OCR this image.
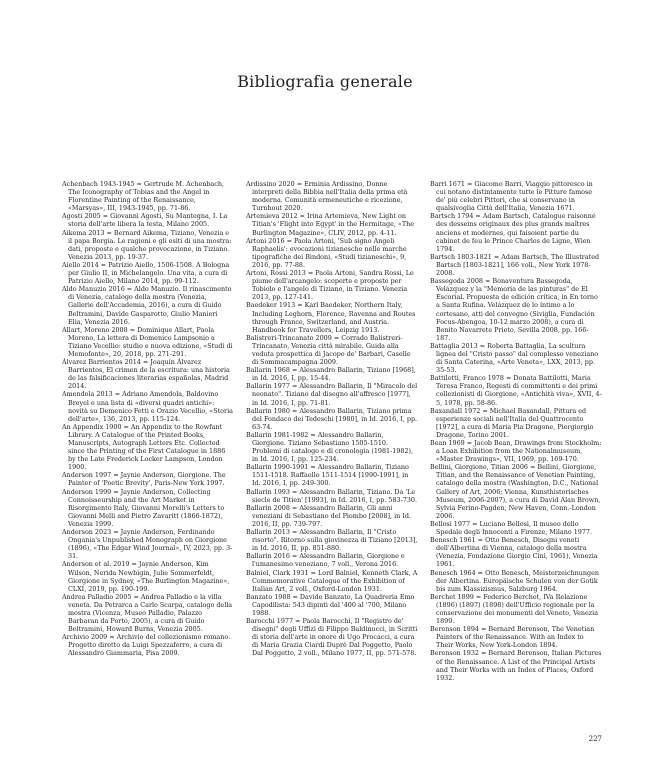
Bibliografia generale

Achenbach 1943-1945 = Gertrude M. Achenbach, The Iconography of Tobias and the Angel in Florentine Painting of the Renaissance, «Marsyas», III, 1943-1945, pp. 71-86.

Agosti 2005 = Giovanni Agosti, Su Mantegna, I. La storia dell'arte libera la testa, Milano 2005.

Aikema 2013 = Bernard Aikema, Tiziano, Venezia e il papa Borgia. Le ragioni e gli esiti di una mostra: dati, proposte e qualche provocazione, in Tiziano. Venezia 2013, pp. 19-37.

Aiello 2014 = Patrizio Aiello, 1506-1508. A Bologna per Giulio II, in Michelangelo. Una vita, a cura di Patrizio Aiello, Milano 2014, pp. 99-112.

Aldo Manuzio 2016 = Aldo Manuzio. Il rinascimento di Venezia, catalogo della mostra (Venezia, Gallerie dell'Accademia, 2016), a cura di Guido Beltramini, Davide Gasparotto, Giulio Manieri Elia, Venezia 2016.

Allart, Moreno 2008 = Dominique Allart, Paola Moreno, La lettera di Domenico Lampsonio a Tiziano Vecellio: studio e nuova edizione, «Studi di Memofonte», 20, 2018, pp. 271-291.

Álvarez Barrientos 2014 = Joaquín Álvarez Barrientos, El crimen de la escritura: una historia de las falsificaciones literarias españolas, Madrid 2014.

Amendola 2013 = Adriano Amendola, Baldovino Breyel e una lista di «diversi quadri antichi»: novità su Demenico Fetti e Orazio Vecellio, «Storia dell'arte», 136, 2013, pp. 115-124.

An Appendix 1900 = An Appendix to the Rowfant Library. A Catalogue of the Printed Books, Manuscripts, Autograph Letters Etc. Collected since the Printing of the First Catalogue in 1886 by the Late Frederick Locker Lampson, London 1900.

Anderson 1997 = Jaynie Anderson, Giorgione. The Painter of 'Poetic Brevity', Paris-New York 1997.

Anderson 1999 = Jaynie Anderson, Collecting Connoisseurship and the Art Market in Risorgimento Italy, Giovanni Morelli's Letters to Giovanni Melli and Pietro Zavaritt (1866-1872), Venezia 1999.

Anderson 2023 = Jaynie Anderson, Ferdinando Ongania's Unpublished Monograph on Giorgione (1896), «The Edgar Wind Journal», IV, 2023, pp. 3-31.

Anderson et al. 2019 = Jaynie Anderson, Kim Wilson, Nerida Newbigin, Julie Sommerfeldt, Giorgione in Sydney, «The Burlington Magazine», CLXI, 2019, pp. 190-199.

Andrea Palladio 2005 = Andrea Palladio e la villa veneta. Da Petrarca a Carlo Scarpa, catalogo della mostra (Vicenza, Museo Palladio, Palazzo Barbaran da Porto, 2005), a cura di Guido Beltramini, Howard Burns, Venezia 2005.

Archivio 2009 = Archivio del collezionismo romano. Progetto diretto da Luigi Spezzaferro, a cura di Alessandro Giammaria, Pisa 2009.

Ardissino 2020 = Erminia Ardissino, Donne interpreti della Bibbia nell'Italia della prima età moderna. Comunità ermeneutiche e ricezione, Turnhout 2020.

Artemieva 2012 = Irina Artemieva, New Light on Titian's 'Flight into Egypt' in the Hermitage, «The Burlington Magazine», CLIV, 2012, pp. 4-11.

Artoni 2016 = Paola Artoni, 'Sub signo Angeli Raphaelis': evocazioni tizianesche nelle marche tipografiche dei Bindoni, «Studi tizianeschi», 9, 2016, pp. 77-88.

Artoni, Rossi 2013 = Paola Artoni, Sandra Rossi, Le piume dell'arcangelo: scoperte e proposte per Tobiolo e l'angelo di Tiziano, in Tiziano. Venezia 2013, pp. 127-141.

Baedeker 1913 = Karl Baedeker, Northern Italy, Including Leghorn, Florence, Ravenna and Routes through France, Switzerland, and Austria. Handbook for Travellers, Leipzig 1913.

Balistreri-Trincanato 2009 = Corrado Balistreri-Trincanato, Venezia città mirabile. Guida alla veduta prospettica di Jacopo de' Barbari, Caselle di Sommacampagna 2009.

Ballarin 1968 = Alessandro Ballarin, Tiziano [1968], in Id. 2016, I, pp. 15-44.

Ballarin 1977 = Alessandro Ballarin, Il "Miracolo del neonato". Tiziano dal disegno all'affresco [1977], in Id. 2016, I, pp. 71-81.

Ballarin 1980 = Alessandro Ballarin, Tiziano prima del Fondaco dei Tedeschi [1980], in Id. 2016, I, pp. 63-74.

Ballarin 1981-1982 = Alessandro Ballarin, Giorgione. Tiziano Sebastiano 1505-1510. Problemi di catalogo e di cronologia (1981-1982), in Id. 2016, I, pp. 125-234.

Ballarin 1990-1991 = Alessandro Ballarin, Tiziano 1511-1518. Raffaello 1511-1514 [1990-1991], in Id. 2016, I, pp. 249-300.

Ballarin 1993 = Alessandro Ballarin, Tiziano. Da 'Le siecle de Titien' [1993], in Id. 2016, I, pp. 583-730.

Ballarin 2008 = Alessandro Ballarin, Gli anni veneziani di Sebastiano del Piombo [2008], in Id. 2016, II, pp. 739-797.

Ballarin 2013 = Alessandro Ballarin, Il "Cristo risorto". Ritorno sulla giovinezza di Tiziano [2013], in Id. 2016, II, pp. 851-880.

Ballarin 2016 = Alessandro Ballarin, Giorgione e l'umanesimo veneziano, 7 voll., Verona 2016.

Balniel, Clark 1931 = Lord Balniel, Kenneth Clark, A Commemorative Catalogue of the Exhibition of Italian Art, 2 voll., Oxford-London 1931.

Banzato 1988 = Davide Banzato, La Quadreria Emo Capodilista: 543 dipinti dal '400 al '700, Milano 1988.

Barocchi 1977 = Paola Barocchi, Il "Registro de' disegni" degli Uffizi di Filippo Baldinucci, in Scritti di storia dell'arte in onore di Ugo Procacci, a cura di Maria Grazia Ciardi Duprè Dal Poggetto, Paolo Dal Poggetto, 2 voll., Milano 1977, II, pp. 571-578.

Barri 1671 = Giacomo Barri, Viaggio pittoresco in cui notano distintamente tutte le Pitture famose de' più celebri Pittori, che si conservano in qualsivoglia Città dell'Italia, Venezia 1671.

Bartsch 1794 = Adam Bartsch, Catalogue raisonné des desseins originaux des plus grands maîtres anciens et modernes, qui faisoient partie du cabinet de feu le Prince Charles de Ligne, Wien 1794.

Bartsch 1803-1821 = Adam Bartsch, The Illustrated Bartsch [1803-1821], 166 voll., New York 1978-2008.

Bassegoda 2008 = Bonaventura Bassegoda, Velázquez y la "Memoria de las pinturas" de El Escorial. Propuesta de edición crítica, in En torno a Santa Rufina. Velázquez de lo íntimo a lo cortesano, atti del convegno (Siviglia, Fundación Focus-Abengoa, 10-12 marzo 2008), a cura di Benito Navarrete Prieto, Sevilla 2008, pp. 166-187.

Battaglia 2013 = Roberta Battaglia, La scultura lignea del "Cristo passo" dal complesso veneziano di Santa Caterina, «Arte Veneta», LXX, 2013, pp. 35-53.

Battilotti, Franco 1978 = Donata Battilotti, Maria Teresa Franco, Regesti di committenti e dei primi collezionisti di Giorgione, «Antichità viva», XVII, 4-5, 1978, pp. 58-86.

Baxandall 1972 = Michael Baxandall, Pittura ed esperienze sociali nell'Italia del Quattrocento [1972], a cura di Maria Pia Dragone, Piergiorgio Dragone, Torino 2001.

Bean 1969 = Jacob Bean, Drawings from Stockholm: a Loan Exhibition from the Nationalmuseum, «Master Drawings», VII, 1969, pp. 169-170.

Bellini, Giorgione, Titian 2006 = Bellini, Giorgione, Titian, and the Renaissance of Venetian Painting, catalogo della mostra (Washington, D.C., National Gallery of Art, 2006; Vienna, Kunsthistorisches Museum, 2006-2007), a cura di David Alan Brown, Sylvia Ferino-Pagden, New Haven, Conn.-London 2006.

Bellosi 1977 = Luciano Bellosi, Il museo dello Spedale degli Innocenti a Firenze, Milano 1977.

Benesch 1961 = Otto Benesch, Disegni veneti dell'Albertina di Vienna, catalogo della mostra (Venezia, Fondazione Giorgio Cini, 1961), Venezia 1961.

Benesch 1964 = Otto Benesch, Meisterzeichnungen der Albertina. Europäische Schulen von der Gotik bis zum Klassizismus, Salzburg 1964.

Berchet 1899 = Federico Berchet, IVa Relazione (1896) (1897) (1898) dell'Ufficio regionale per la conservazione dei monumenti del Veneto, Venezia 1899.

Berenson 1894 = Bernard Berenson, The Venetian Painters of the Renaissance. With an Index to Their Works, New York-London 1894.

Berenson 1932 = Bernard Berenson, Italian Pictures of the Renaissance. A List of the Principal Artists and Their Works with an Index of Places, Oxford 1932.

227
